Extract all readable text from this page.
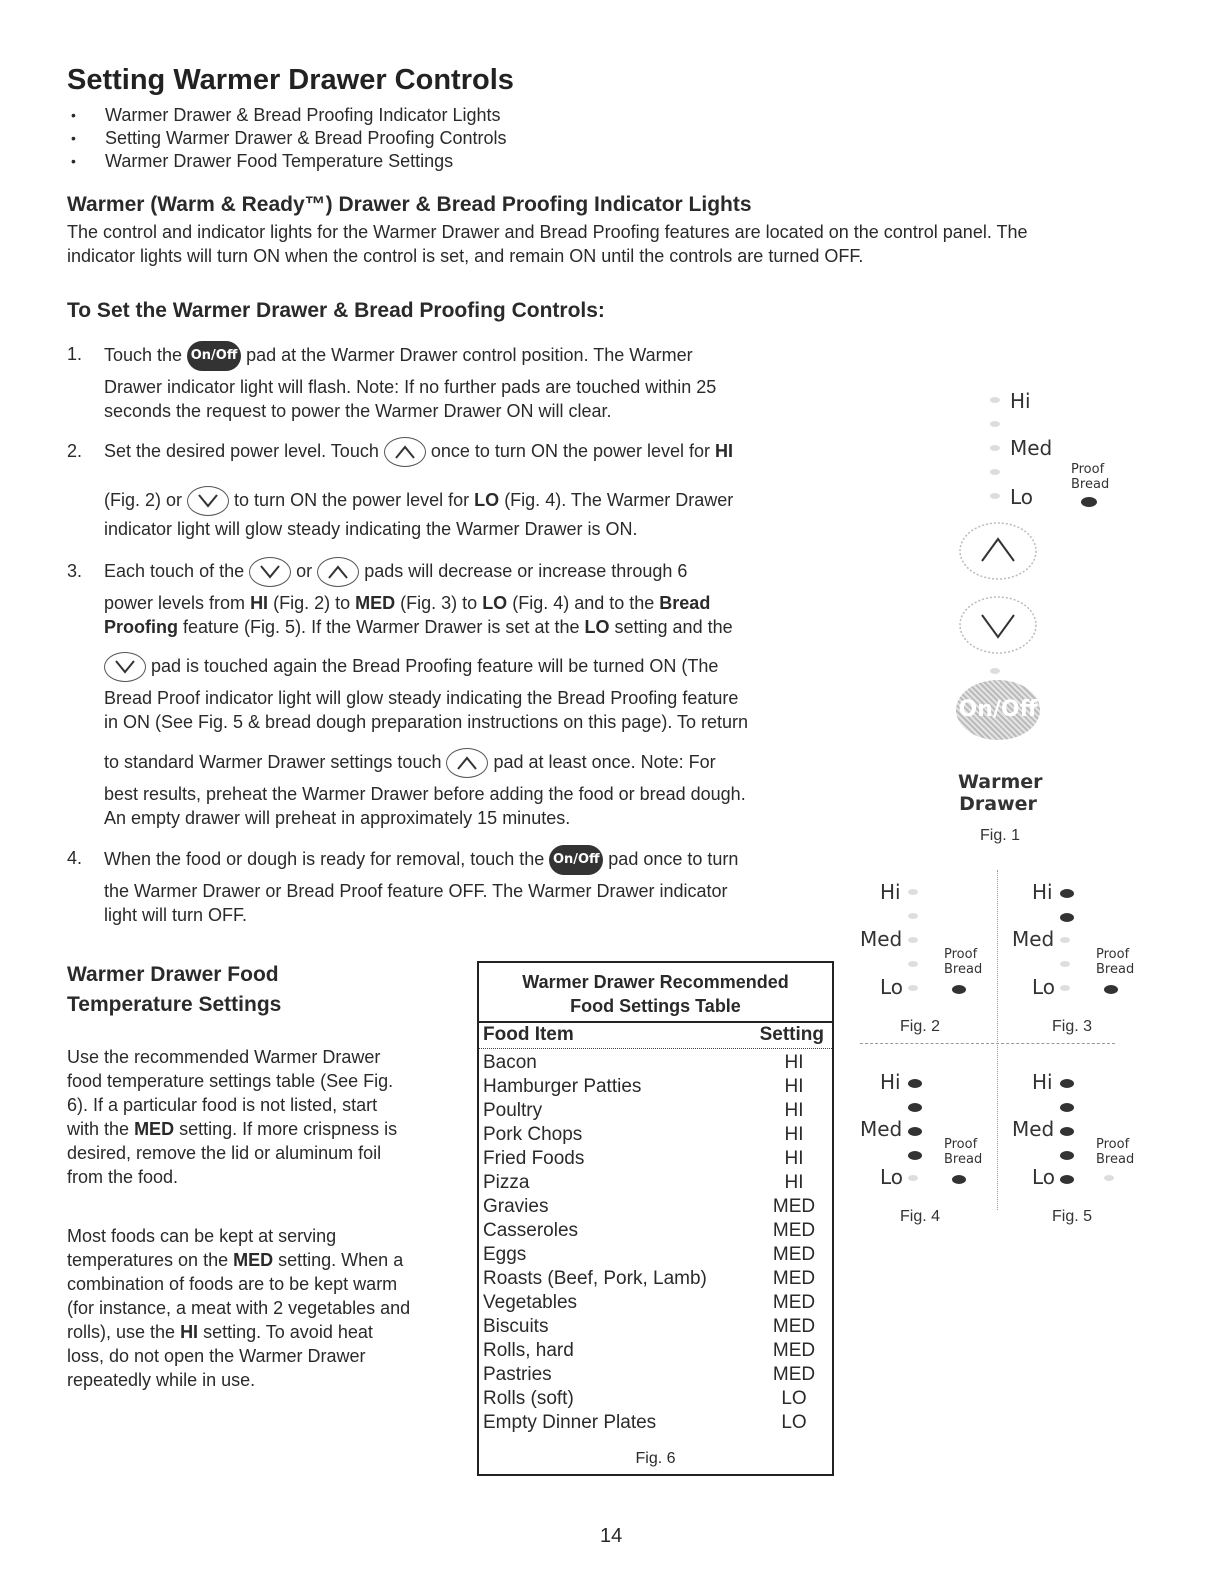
Setting Warmer Drawer Controls
• Warmer Drawer & Bread Proofing Indicator Lights
• Setting Warmer Drawer & Bread Proofing Controls
• Warmer Drawer Food Temperature Settings
Warmer (Warm & Ready™) Drawer & Bread Proofing Indicator Lights
The control and indicator lights for the Warmer Drawer and Bread Proofing features are located on the control panel. The
indicator lights will turn ON when the control is set, and remain ON until the controls are turned OFF.
To Set the Warmer Drawer & Bread Proofing Controls:
1. Touch the On/Off pad at the Warmer Drawer control position. The Warmer
Drawer indicator light will flash. Note: If no further pads are touched within 25
seconds the request to power the Warmer Drawer ON will clear.
2. Set the desired power level. Touch	once to turn ON the power level for HI
(Fig. 2) or	to turn ON the power level for LO (Fig. 4). The Warmer Drawer
indicator light will glow steady indicating the Warmer Drawer is ON.
3. Each touch of the	or	pads will decrease or increase through 6
power levels from HI (Fig. 2) to MED (Fig. 3) to LO (Fig. 4) and to the Bread
Proofing feature (Fig. 5). If the Warmer Drawer is set at the LO setting and the
pad is touched again the Bread Proofing feature will be turned ON (The
Bread Proof indicator light will glow steady indicating the Bread Proofing feature
in ON (See Fig. 5 & bread dough preparation instructions on this page). To return
to standard Warmer Drawer settings touch	pad at least once. Note: For
best results, preheat the Warmer Drawer before adding the food or bread dough.
An empty drawer will preheat in approximately 15 minutes.
4. When the food or dough is ready for removal, touch the On/Off pad once to turn
the Warmer Drawer or Bread Proof feature OFF. The Warmer Drawer indicator
light will turn OFF.
Warmer Drawer Food
Temperature Settings
Use the recommended Warmer Drawer
food temperature settings table (See Fig.
6). If a particular food is not listed, start
with the MED setting. If more crispness is
desired, remove the lid or aluminum foil
from the food.
Most foods can be kept at serving
temperatures on the MED setting. When a
combination of foods are to be kept warm
(for instance, a meat with 2 vegetables and
rolls), use the HI setting. To avoid heat
loss, do not open the Warmer Drawer
repeatedly while in use.
Warmer Drawer Recommended
Food Settings Table
Food Item	Setting
Bacon	HI
Hamburger Patties	HI
Poultry	HI
Pork Chops	HI
Fried Foods	HI
Pizza	HI
Gravies	MED
Casseroles	MED
Eggs	MED
Roasts (Beef, Pork, Lamb)	MED
Vegetables	MED
Biscuits	MED
Rolls, hard	MED
Pastries	MED
Rolls (soft)	LO
Empty Dinner Plates	LO
Fig. 6
Hi
Med
Lo
Proof
Bread
On/Off
Warmer
Drawer
Fig. 1
Hi
Med
Lo
Proof
Bread
Fig. 2
Hi
Med
Lo
Proof
Bread
Fig. 3
Hi
Med
Lo
Proof
Bread
Fig. 4
Hi
Med
Lo
Proof
Bread
Fig. 5
14
